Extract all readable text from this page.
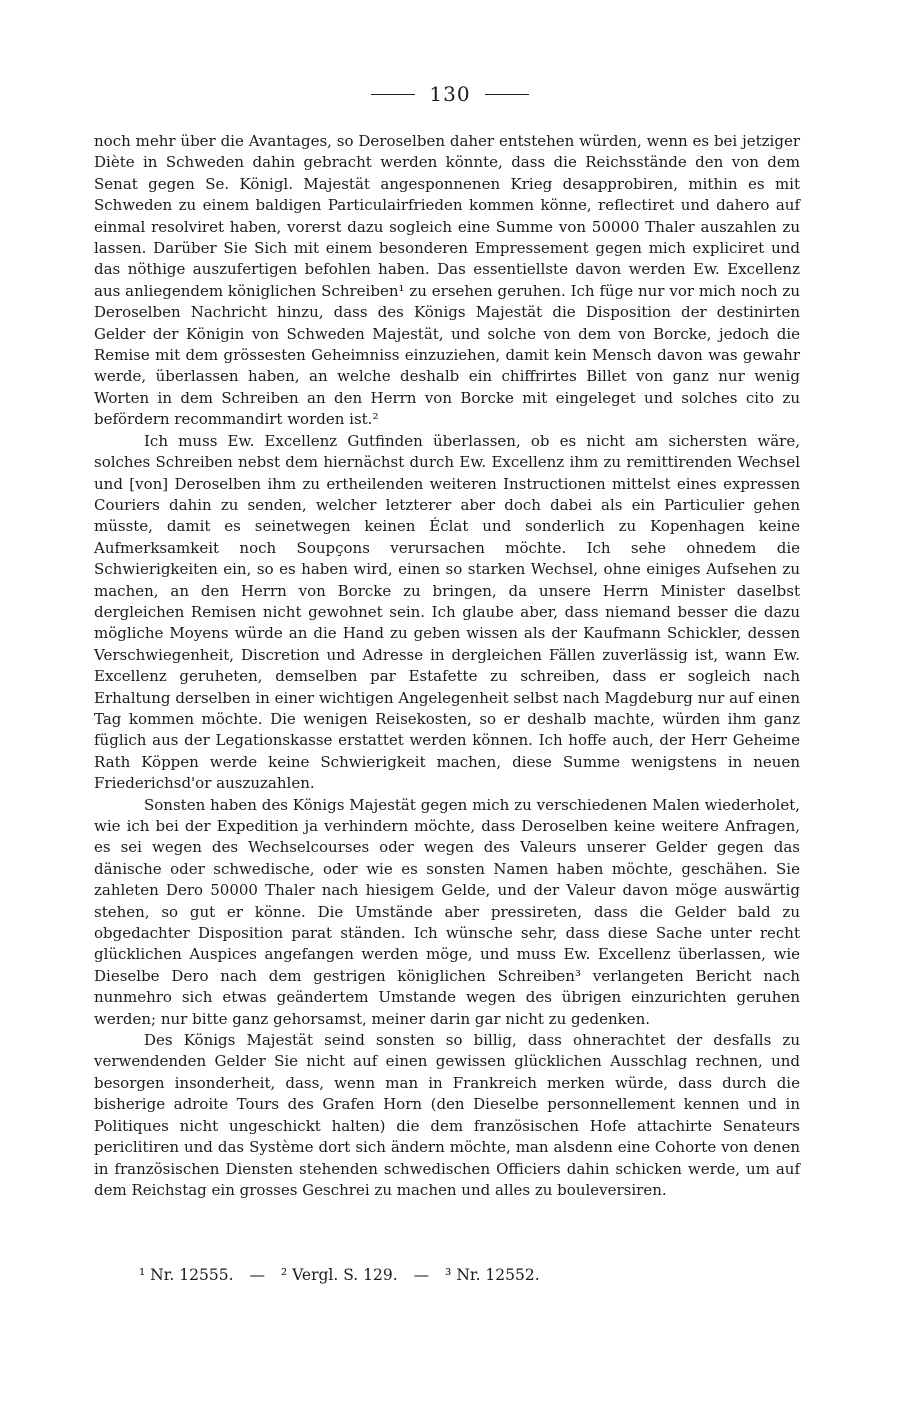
130

noch mehr über die Avantages, so Deroselben daher entstehen würden, wenn es bei jetziger Diète in Schweden dahin gebracht werden könnte, dass die Reichsstände den von dem Senat gegen Se. Königl. Majestät angesponnenen Krieg desapprobiren, mithin es mit Schweden zu einem baldigen Particulairfrieden kommen könne, reflectiret und dahero auf einmal resolviret haben, vorerst dazu sogleich eine Summe von 50000 Thaler auszahlen zu lassen. Darüber Sie Sich mit einem besonderen Empressement gegen mich expliciret und das nöthige auszufertigen befohlen haben. Das essentiellste davon werden Ew. Excellenz aus anliegendem königlichen Schreiben¹ zu ersehen geruhen. Ich füge nur vor mich noch zu Deroselben Nachricht hinzu, dass des Königs Majestät die Disposition der destinirten Gelder der Königin von Schweden Majestät, und solche von dem von Borcke, jedoch die Remise mit dem grössesten Geheimniss einzuziehen, damit kein Mensch davon was gewahr werde, überlassen haben, an welche deshalb ein chiffrirtes Billet von ganz nur wenig Worten in dem Schreiben an den Herrn von Borcke mit eingeleget und solches cito zu befördern recommandirt worden ist.²

Ich muss Ew. Excellenz Gutfinden überlassen, ob es nicht am sichersten wäre, solches Schreiben nebst dem hiernächst durch Ew. Excellenz ihm zu remittirenden Wechsel und [von] Deroselben ihm zu ertheilenden weiteren Instructionen mittelst eines expressen Couriers dahin zu senden, welcher letzterer aber doch dabei als ein Particulier gehen müsste, damit es seinetwegen keinen Éclat und sonderlich zu Kopenhagen keine Aufmerksamkeit noch Soupçons verursachen möchte. Ich sehe ohnedem die Schwierigkeiten ein, so es haben wird, einen so starken Wechsel, ohne einiges Aufsehen zu machen, an den Herrn von Borcke zu bringen, da unsere Herrn Minister daselbst dergleichen Remisen nicht gewohnet sein. Ich glaube aber, dass niemand besser die dazu mögliche Moyens würde an die Hand zu geben wissen als der Kaufmann Schickler, dessen Verschwiegenheit, Discretion und Adresse in dergleichen Fällen zuverlässig ist, wann Ew. Excellenz geruheten, demselben par Estafette zu schreiben, dass er sogleich nach Erhaltung derselben in einer wichtigen Angelegenheit selbst nach Magdeburg nur auf einen Tag kommen möchte. Die wenigen Reisekosten, so er deshalb machte, würden ihm ganz füglich aus der Legationskasse erstattet werden können. Ich hoffe auch, der Herr Geheime Rath Köppen werde keine Schwierigkeit machen, diese Summe wenigstens in neuen Friederichsd'or auszuzahlen.

Sonsten haben des Königs Majestät gegen mich zu verschiedenen Malen wiederholet, wie ich bei der Expedition ja verhindern möchte, dass Deroselben keine weitere Anfragen, es sei wegen des Wechselcourses oder wegen des Valeurs unserer Gelder gegen das dänische oder schwedische, oder wie es sonsten Namen haben möchte, geschähen. Sie zahleten Dero 50000 Thaler nach hiesigem Gelde, und der Valeur davon möge auswärtig stehen, so gut er könne. Die Umstände aber pressireten, dass die Gelder bald zu obgedachter Disposition parat ständen. Ich wünsche sehr, dass diese Sache unter recht glücklichen Auspices angefangen werden möge, und muss Ew. Excellenz überlassen, wie Dieselbe Dero nach dem gestrigen königlichen Schreiben³ verlangeten Bericht nach nunmehro sich etwas geändertem Umstande wegen des übrigen einzurichten geruhen werden; nur bitte ganz gehorsamst, meiner darin gar nicht zu gedenken.

Des Königs Majestät seind sonsten so billig, dass ohnerachtet der desfalls zu verwendenden Gelder Sie nicht auf einen gewissen glücklichen Ausschlag rechnen, und besorgen insonderheit, dass, wenn man in Frankreich merken würde, dass durch die bisherige adroite Tours des Grafen Horn (den Dieselbe personnellement kennen und in Politiques nicht ungeschickt halten) die dem französischen Hofe attachirte Senateurs periclitiren und das Système dort sich ändern möchte, man alsdenn eine Cohorte von denen in französischen Diensten stehenden schwedischen Officiers dahin schicken werde, um auf dem Reichstag ein grosses Geschrei zu machen und alles zu bouleversiren.

¹ Nr. 12555. — ² Vergl. S. 129. — ³ Nr. 12552.
